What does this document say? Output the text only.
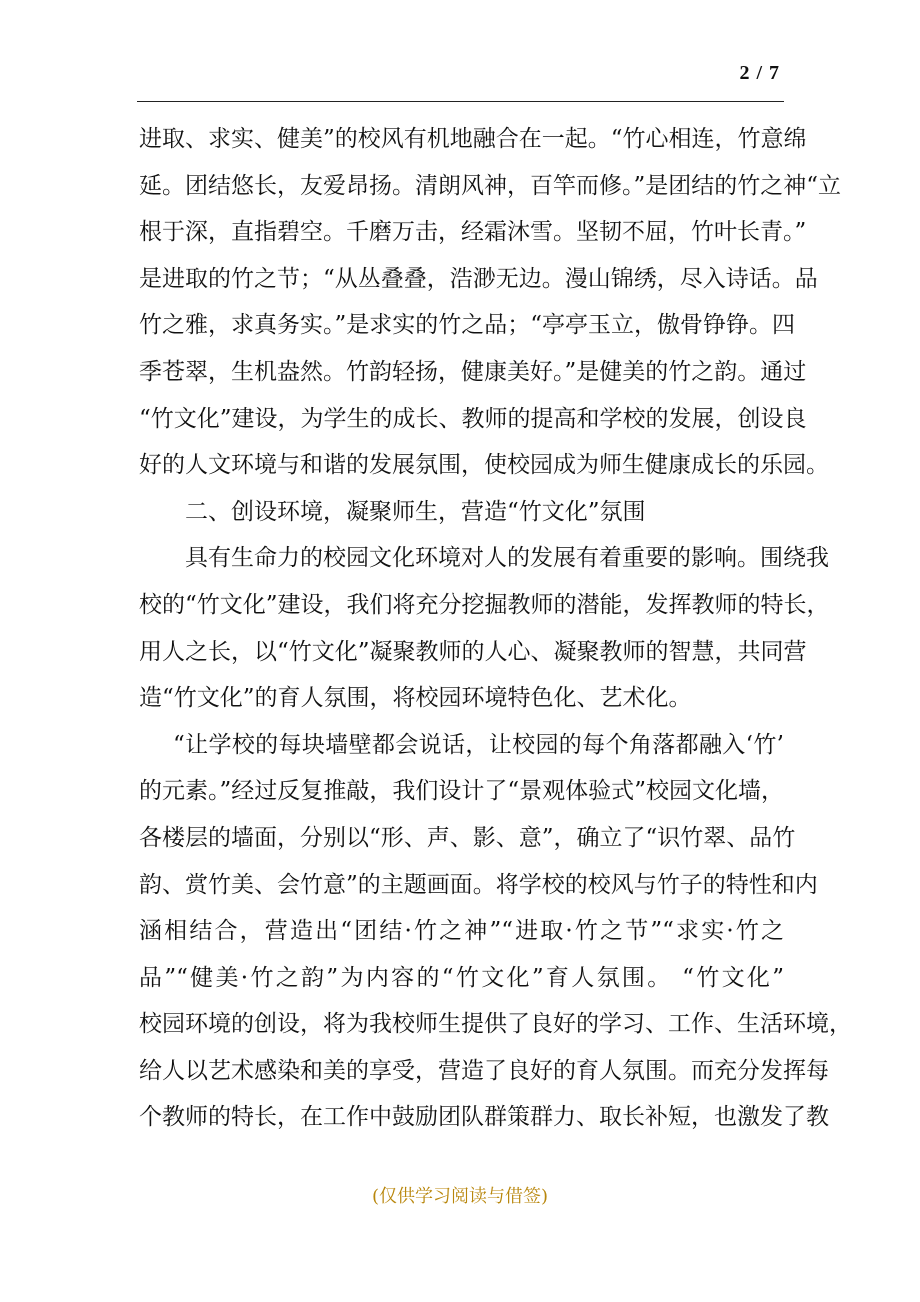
2 / 7
进取、求实、健美”的校风有机地融合在一起。“竹心相连，竹意绵
延。团结悠长，友爱昂扬。清朗风神，百竿而修。”是团结的竹之神“立
根于深，直指碧空。千磨万击，经霜沐雪。坚韧不屈，竹叶长青。”
是进取的竹之节；“从丛叠叠，浩渺无边。漫山锦绣，尽入诗话。品
竹之雅，求真务实。”是求实的竹之品；“亭亭玉立，傲骨铮铮。四
季苍翠，生机盎然。竹韵轻扬，健康美好。”是健美的竹之韵。通过
“竹文化”建设，为学生的成长、教师的提高和学校的发展，创设良
好的人文环境与和谐的发展氛围，使校园成为师生健康成长的乐园。
二、创设环境，凝聚师生，营造“竹文化”氛围
具有生命力的校园文化环境对人的发展有着重要的影响。围绕我
校的“竹文化”建设，我们将充分挖掘教师的潜能，发挥教师的特长，
用人之长，以“竹文化”凝聚教师的人心、凝聚教师的智慧，共同营
造“竹文化”的育人氛围，将校园环境特色化、艺术化。
“让学校的每块墙壁都会说话，让校园的每个角落都融入‘竹’
的元素。”经过反复推敲，我们设计了“景观体验式”校园文化墙，
各楼层的墙面，分别以“形、声、影、意”，确立了“识竹翠、品竹
韵、赏竹美、会竹意”的主题画面。将学校的校风与竹子的特性和内
涵相结合，营造出“团结·竹之神”“进取·竹之节”“求实·竹之
品”“健美·竹之韵”为内容的“竹文化”育人氛围。 “竹文化”
校园环境的创设，将为我校师生提供了良好的学习、工作、生活环境，
给人以艺术感染和美的享受，营造了良好的育人氛围。而充分发挥每
个教师的特长，在工作中鼓励团队群策群力、取长补短，也激发了教
(仅供学习阅读与借签)
